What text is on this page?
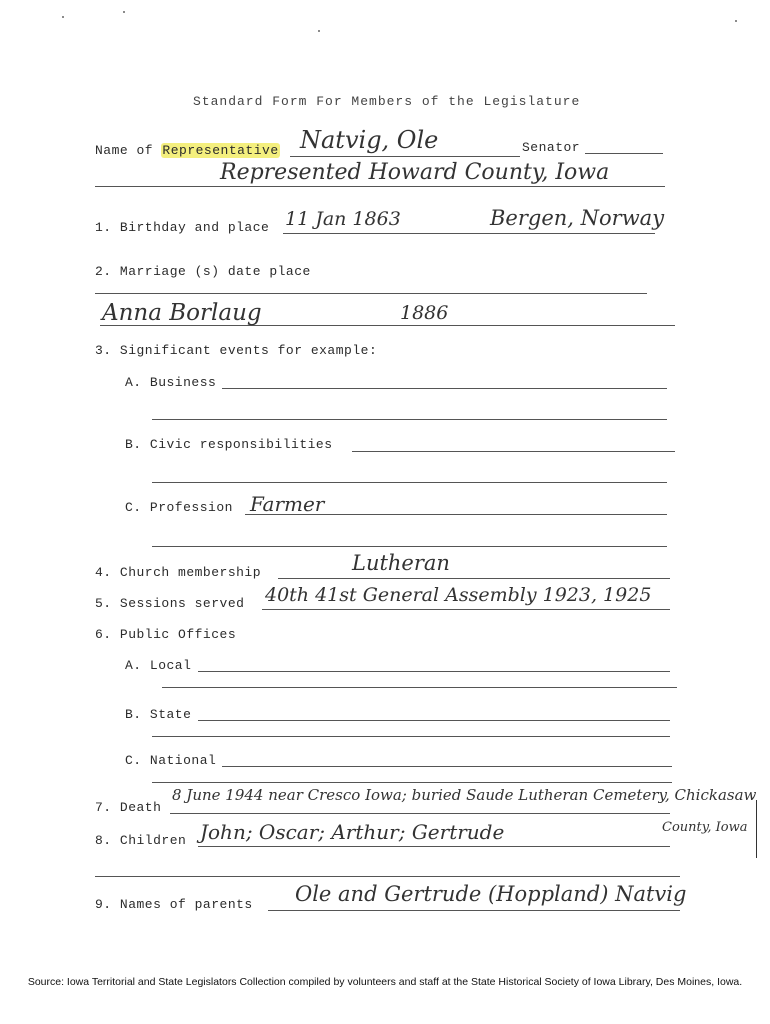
Standard Form For Members of the Legislature
Name of Representative Natvig, Ole	Senator
Represented Howard County, Iowa
1. Birthday and place 11 Jan 1863	Bergen, Norway
2. Marriage (s) date place
Anna Borlaug	1886
3. Significant events for example:
A. Business
B. Civic responsibilities
C. Profession Farmer
4. Church membership	Lutheran
5. Sessions served 40th 41st General Assembly 1923, 1925
6. Public Offices
A. Local
B. State
C. National
7. Death
8 June 1944 near Cresco Iowa; buried Saude Lutheran Cemetery, Chickasaw
County, Iowa
8. Children John; Oscar; Arthur; Gertrude
9. Names of parents Ole and Gertrude (Hoppland) Natvig
Source: Iowa Territorial and State Legislators Collection compiled by volunteers and staff at the State Historical Society of Iowa Library, Des Moines, Iowa.
